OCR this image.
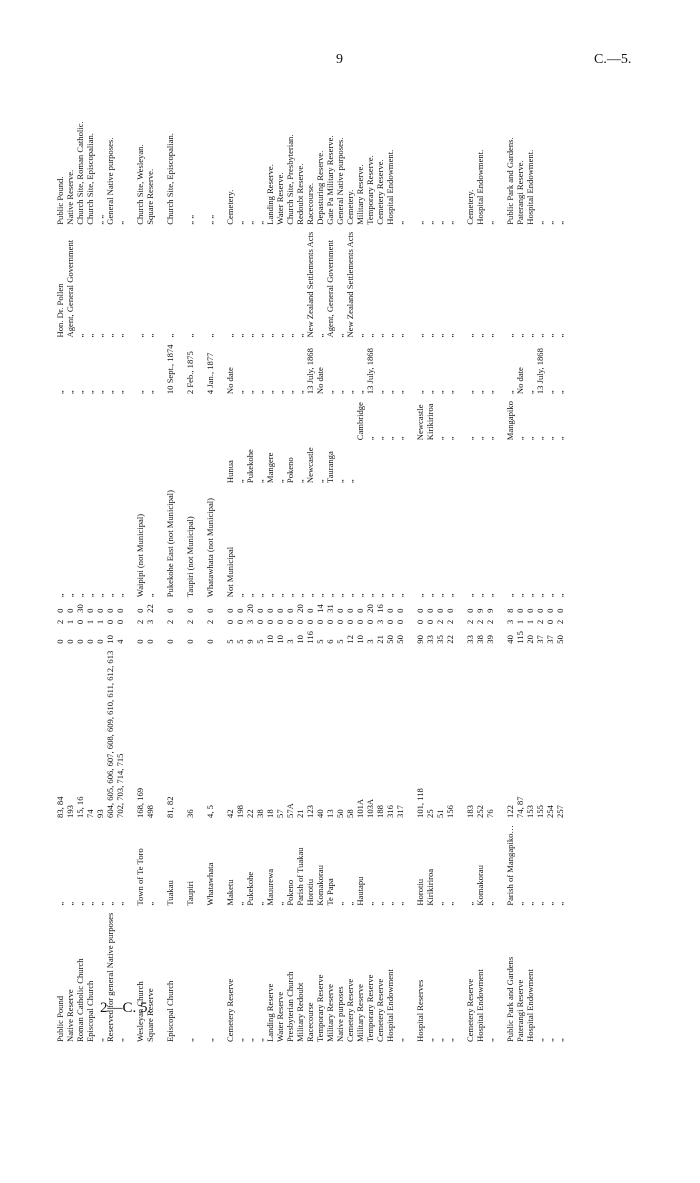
9	C.—5.
Public Pound	„	83, 84	0	2	0	„			„	Hon. Dr. Pollen	Public Pound.
Native Reserve	„	193	0	1	0	„			„	Agent, General Government	Native Reserve.
Roman Catholic Church	„	15, 16	0	0	30	„			„	„	Church Site, Roman Catholic.
Episcopal Church	„	74	0	1	0	„			„	„	Church Site, Episcopalian.
„	„	93	0	1	0	„			„	„	„ „
Reserved for general Native purposes	„	604, 605, 606, 607, 608, 609, 610, 611, 612, 613	10	0	0	„			„	„	General Native purposes.
„	„	702, 703, 714, 715	4	0	0	„			„	„	„

Wesleyan Church	Town of Te Toro	168, 169	0	2	0	Waipipi (not Municipal)			„	„	Church Site, Wesleyan.
Square Reserve	„	498	0	3	22	„			„	„	Square Reserve.

Episcopal Church	Tuakau	81, 82	0	2	0	Pukekohe East (not Municipal)			10 Sept., 1874	„	Church Site, Episcopalian.

„	Taupiri	36	0	2	0	Taupiri (not Municipal)			2 Feb., 1875	„	„ „

„	Whatawhata	4, 5	0	2	0	Whatawhata (not Municipal)			4 Jan., 1877	„	„ „

Cemetery Reserve	Maketu	42	5	0	0	Not Municipal	Hunua		No date	„	Cemetery.
„	„	198	5	0	0	„	„		„	„	„
„	Pukekohe	22	9	3	20	„	Pukekohe		„	„	„
„	„	38	5	0	0	„	„		„	„	„
Landing Reserve	Mauurewa	18	10	0	0	„	Mangere		„	„	Landing Reserve.
Water Reserve	„	57	10	0	0	„	„		„	„	Water Reserve.
Presbyterian Church	Pokeno	57A	3	0	0	„	Pokeno		„	„	Church Site, Presbyterian.
Military Redoubt	Parish of Tuakau	21	10	0	20	„	„		„	„	Redoubt Reserve.
Racecourse	Horotiu	123	116	0	0	„	Newcastle		13 July, 1868	New Zealand Settlements Acts	Racecourse.
Temporary Reserve	Komakorau	40	5	0	14	„	„		No date	„	Depasturing Reserve.
Military Reserve	Te Papa	13	6	0	31	„	Tauranga		„	Agent, General Government	Gate Pa Military Reserve.
Native purposes	„	50	5	0	0	„	„		„	„	General Native purposes.
Cemetery Reserve	„	58	12	0	0	„	„		„	New Zealand Settlements Acts	Cemetery.
Military Reserve	Hautapu	101A	10	0	0	„		Cambridge	„	„	Military Reserve.
Temporary Reserve	„	103A	3	0	20	„		„	13 July, 1868	„	Temporary Reserve.
Cemetery Reserve	„	188	21	3	16	„		„	„	„	Cemetery Reserve.
Hospital Endowment	„	316	50	0	0	„		„	„	„	Hospital Endowment.
„	„	317	50	0	0	„		„	„	„	„

Hospital Reserves	Horotiu	101, 118	90	0	0	„		Newcastle	„	„	„
„	Kirikiriroa	25	33	0	0	„		Kirikiriroa	„	„	„
„	„	51	35	2	0	„		„	„	„	„
„	„	156	22	2	0	„		„	„	„	„

Cemetery Reserve	„	183	33	2	0	„		„	„	„	Cemetery.
Hospital Endowment	Komakorau	252	38	2	9	„		„	„	„	Hospital Endowment.
„	„	76	39	2	9	„		„	„	„	„

Public Park and Gardens	Parish of Mangapiko…	122	40	3	8	„		Mangapiko	„	„	Public Park and Gardens.
Paterangi Reserve	„	74, 87	115	1	0	„		„	No date	„	Paterangi Reserve.
Hospital Endowment	„	153	20	1	0	„		„	„	„	Hospital Endowment.
„	„	155	37	2	0	„		„	13 July, 1868	„	„
„	„	254	37	0	0	„		„	„	„	„
„	„	257	50	2	0	„		„	„	„	„
2—C. 5.
